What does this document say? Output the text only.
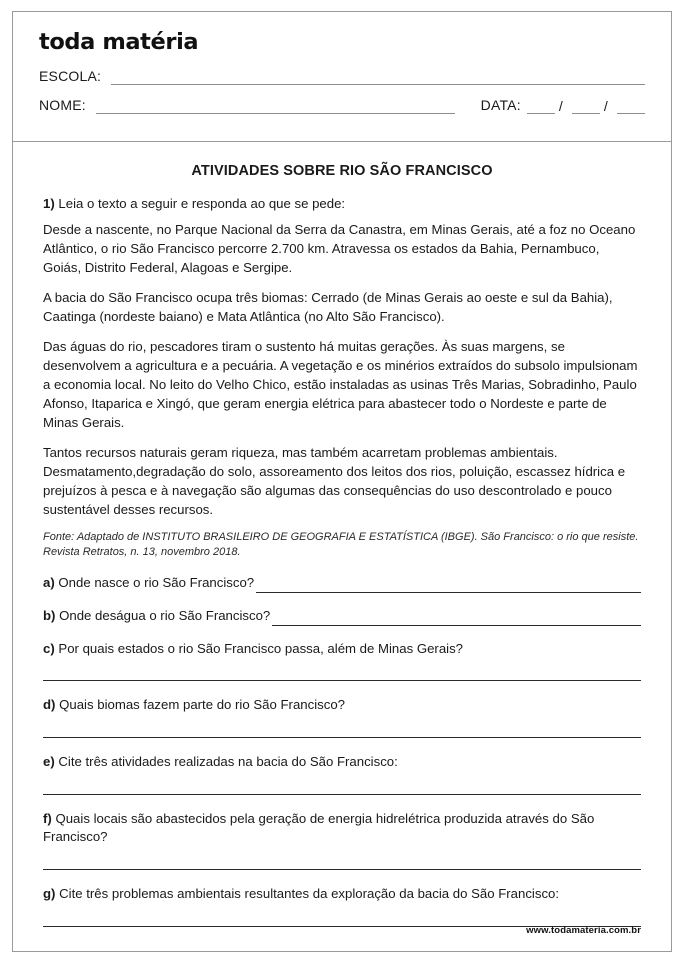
toda matéria
ESCOLA:
NOME:	DATA:	/	/
ATIVIDADES SOBRE RIO SÃO FRANCISCO
1) Leia o texto a seguir e responda ao que se pede:

Desde a nascente, no Parque Nacional da Serra da Canastra, em Minas Gerais, até a foz no Oceano Atlântico, o rio São Francisco percorre 2.700 km. Atravessa os estados da Bahia, Pernambuco, Goiás, Distrito Federal, Alagoas e Sergipe.

A bacia do São Francisco ocupa três biomas: Cerrado (de Minas Gerais ao oeste e sul da Bahia), Caatinga (nordeste baiano) e Mata Atlântica (no Alto São Francisco).

Das águas do rio, pescadores tiram o sustento há muitas gerações. Às suas margens, se desenvolvem a agricultura e a pecuária. A vegetação e os minérios extraídos do subsolo impulsionam a economia local. No leito do Velho Chico, estão instaladas as usinas Três Marias, Sobradinho, Paulo Afonso, Itaparica e Xingó, que geram energia elétrica para abastecer todo o Nordeste e parte de Minas Gerais.

Tantos recursos naturais geram riqueza, mas também acarretam problemas ambientais. Desmatamento,degradação do solo, assoreamento dos leitos dos rios, poluição, escassez hídrica e prejuízos à pesca e à navegação são algumas das consequências do uso descontrolado e pouco sustentável desses recursos.

Fonte: Adaptado de INSTITUTO BRASILEIRO DE GEOGRAFIA E ESTATÍSTICA (IBGE). São Francisco: o rio que resiste. Revista Retratos, n. 13, novembro 2018.
a) Onde nasce o rio São Francisco?
b) Onde deságua o rio São Francisco?
c) Por quais estados o rio São Francisco passa, além de Minas Gerais?
d) Quais biomas fazem parte do rio São Francisco?
e) Cite três atividades realizadas na bacia do São Francisco:
f) Quais locais são abastecidos pela geração de energia hidrelétrica produzida através do São Francisco?
g) Cite três problemas ambientais resultantes da exploração da bacia do São Francisco:
www.todamateria.com.br
